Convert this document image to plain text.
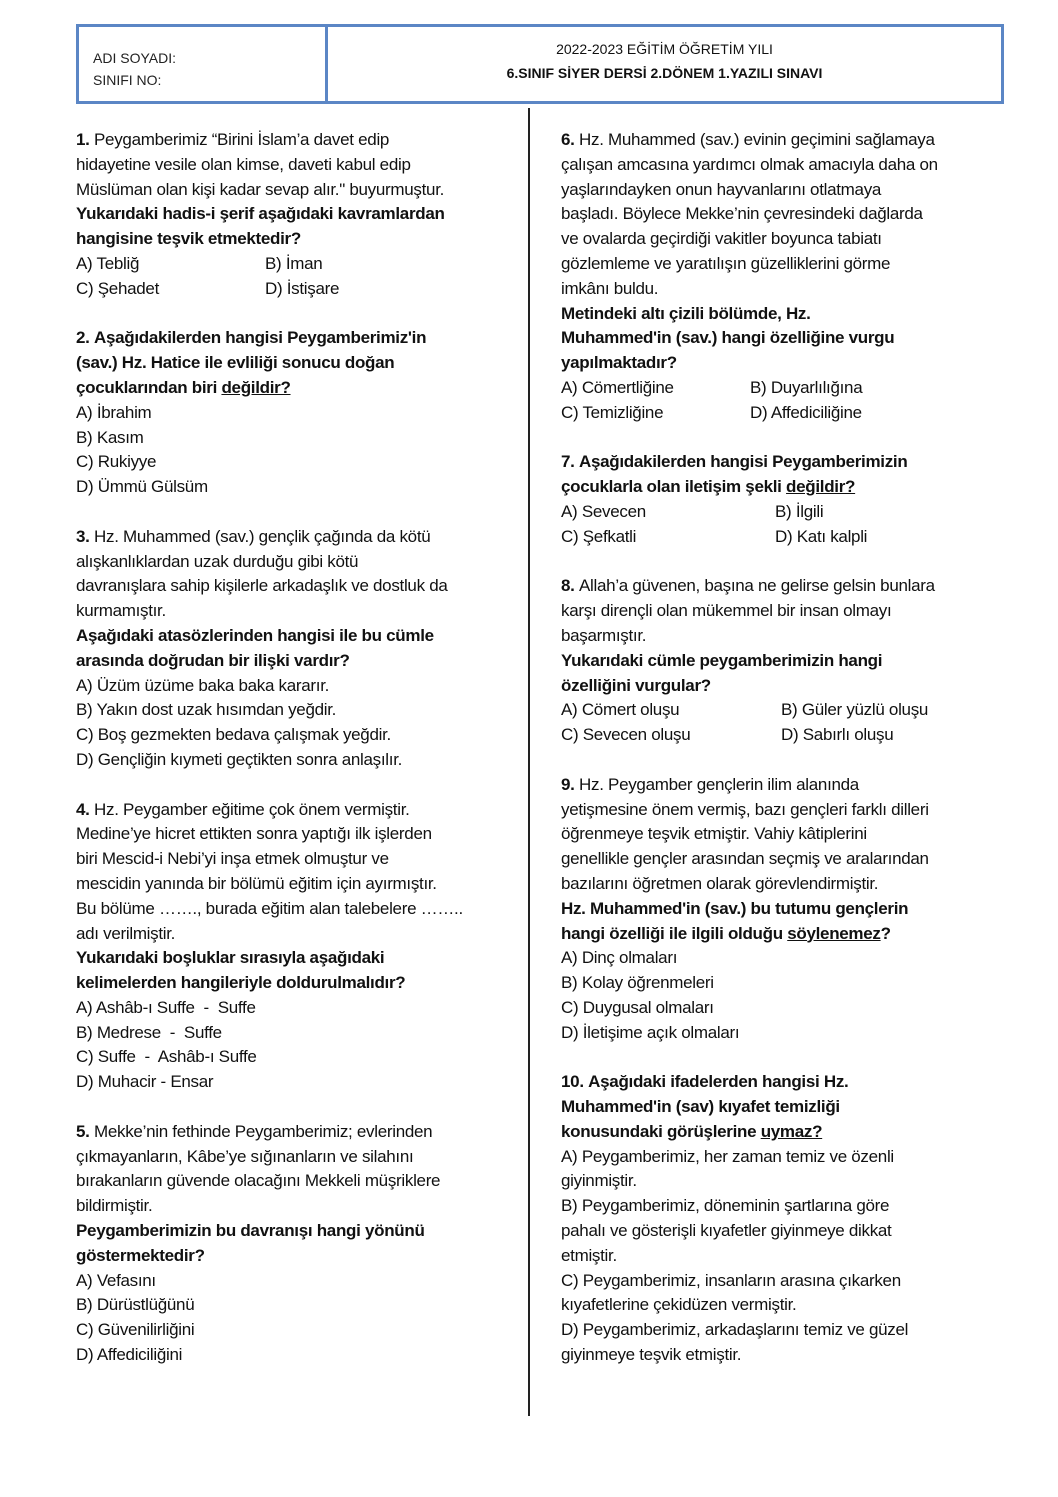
ADI SOYADI:
SINIFI NO:
2022-2023 EĞİTİM ÖĞRETİM YILI
6.SINIF SİYER DERSİ 2.DÖNEM 1.YAZILI SINAVI
1. Peygamberimiz “Birini İslam’a davet edip
hidayetine vesile olan kimse, daveti kabul edip
Müslüman olan kişi kadar sevap alır." buyurmuştur.
Yukarıdaki hadis-i şerif aşağıdaki kavramlardan
hangisine teşvik etmektedir?
A) Tebliğ	B) İman
C) Şehadet	D) İstişare
2. Aşağıdakilerden hangisi Peygamberimiz'in
(sav.) Hz. Hatice ile evliliği sonucu doğan
çocuklarından biri değildir?
A) İbrahim
B) Kasım
C) Rukiyye
D) Ümmü Gülsüm
3. Hz. Muhammed (sav.) gençlik çağında da kötü
alışkanlıklardan uzak durduğu gibi kötü
davranışlara sahip kişilerle arkadaşlık ve dostluk da
kurmamıştır.
Aşağıdaki atasözlerinden hangisi ile bu cümle
arasında doğrudan bir ilişki vardır?
A) Üzüm üzüme baka baka kararır.
B) Yakın dost uzak hısımdan yeğdir.
C) Boş gezmekten bedava çalışmak yeğdir.
D) Gençliğin kıymeti geçtikten sonra anlaşılır.
4. Hz. Peygamber eğitime çok önem vermiştir.
Medine’ye hicret ettikten sonra yaptığı ilk işlerden
biri Mescid-i Nebi’yi inşa etmek olmuştur ve
mescidin yanında bir bölümü eğitim için ayırmıştır.
Bu bölüme ……., burada eğitim alan talebelere ……..
adı verilmiştir.
Yukarıdaki boşluklar sırasıyla aşağıdaki
kelimelerden hangileriyle doldurulmalıdır?
A) Ashâb-ı Suffe  -  Suffe
B) Medrese  -  Suffe
C) Suffe  -  Ashâb-ı Suffe
D) Muhacir - Ensar
5. Mekke’nin fethinde Peygamberimiz; evlerinden
çıkmayanların, Kâbe’ye sığınanların ve silahını
bırakanların güvende olacağını Mekkeli müşriklere
bildirmiştir.
Peygamberimizin bu davranışı hangi yönünü
göstermektedir?
A) Vefasını
B) Dürüstlüğünü
C) Güvenilirliğini
D) Affediciliğini
6. Hz. Muhammed (sav.) evinin geçimini sağlamaya
çalışan amcasına yardımcı olmak amacıyla daha on
yaşlarındayken onun hayvanlarını otlatmaya
başladı. Böylece Mekke’nin çevresindeki dağlarda
ve ovalarda geçirdiği vakitler boyunca tabiatı
gözlemleme ve yaratılışın güzelliklerini görme
imkânı buldu.
Metindeki altı çizili bölümde, Hz.
Muhammed'in (sav.) hangi özelliğine vurgu
yapılmaktadır?
A) Cömertliğine	B) Duyarlılığına
C) Temizliğine	D) Affediciliğine
7. Aşağıdakilerden hangisi Peygamberimizin
çocuklarla olan iletişim şekli değildir?
A) Sevecen	B) İlgili
C) Şefkatli	D) Katı kalpli
8. Allah’a güvenen, başına ne gelirse gelsin bunlara
karşı dirençli olan mükemmel bir insan olmayı
başarmıştır.
Yukarıdaki cümle peygamberimizin hangi
özelliğini vurgular?
A) Cömert oluşu	B) Güler yüzlü oluşu
C) Sevecen oluşu	D) Sabırlı oluşu
9. Hz. Peygamber gençlerin ilim alanında
yetişmesine önem vermiş, bazı gençleri farklı dilleri
öğrenmeye teşvik etmiştir. Vahiy kâtiplerini
genellikle gençler arasından seçmiş ve aralarından
bazılarını öğretmen olarak görevlendirmiştir.
Hz. Muhammed'in (sav.) bu tutumu gençlerin
hangi özelliği ile ilgili olduğu söylenemez?
A) Dinç olmaları
B) Kolay öğrenmeleri
C) Duygusal olmaları
D) İletişime açık olmaları
10. Aşağıdaki ifadelerden hangisi Hz.
Muhammed'in (sav) kıyafet temizliği
konusundaki görüşlerine uymaz?
A) Peygamberimiz, her zaman temiz ve özenli
giyinmiştir.
B) Peygamberimiz, döneminin şartlarına göre
pahalı ve gösterişli kıyafetler giyinmeye dikkat
etmiştir.
C) Peygamberimiz, insanların arasına çıkarken
kıyafetlerine çekidüzen vermiştir.
D) Peygamberimiz, arkadaşlarını temiz ve güzel
giyinmeye teşvik etmiştir.
